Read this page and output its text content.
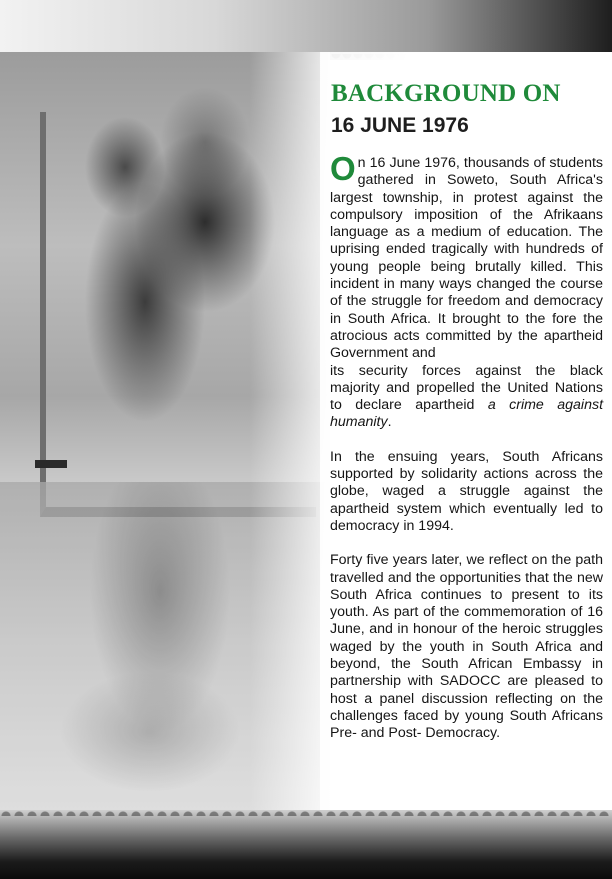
BACKGROUND ON
16 JUNE 1976

On 16 June 1976, thousands of students gathered in Soweto, South Africa's largest township, in protest against the compulsory imposition of the Afrikaans language as a medium of education. The uprising ended tragically with hundreds of young people being brutally killed. This incident in many ways changed the course of the struggle for freedom and democracy in South Africa. It brought to the fore the atrocious acts committed by the apartheid Government and
its security forces against the black majority and propelled the United Nations to declare apartheid a crime against humanity.

In the ensuing years, South Africans supported by solidarity actions across the globe, waged a struggle against the apartheid system which eventually led to democracy in 1994.

Forty five years later, we reflect on the path travelled and the opportunities that the new South Africa continues to present to its youth. As part of the commemoration of 16 June, and in honour of the heroic struggles waged by the youth in South Africa and beyond, the South African Embassy in partnership with SADOCC are pleased to host a panel discussion reflecting on the challenges faced by young South Africans Pre- and Post- Democracy.
